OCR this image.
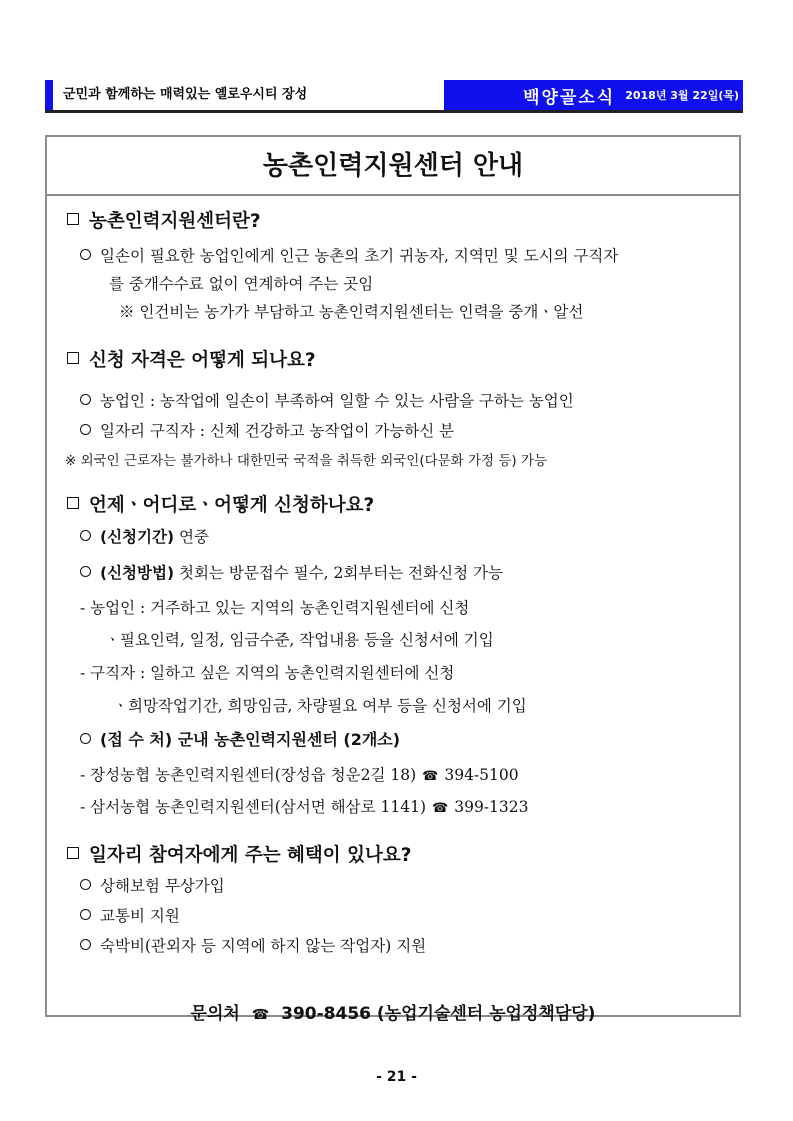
군민과 함께하는 매력있는 옐로우시티 장성	백양골소식 2018년 3월 22일(목)
농촌인력지원센터 안내
농촌인력지원센터란?
일손이 필요한 농업인에게 인근 농촌의 초기 귀농자, 지역민 및 도시의 구직자
를 중개수수료 없이 연계하여 주는 곳임
※ 인건비는 농가가 부담하고 농촌인력지원센터는 인력을 중개ㆍ알선
신청 자격은 어떻게 되나요?
농업인 : 농작업에 일손이 부족하여 일할 수 있는 사람을 구하는 농업인
일자리 구직자 : 신체 건강하고 농작업이 가능하신 분
※ 외국인 근로자는 불가하나 대한민국 국적을 취득한 외국인(다문화 가정 등) 가능
언제ㆍ어디로ㆍ어떻게 신청하나요?
(신청기간) 연중
(신청방법) 첫회는 방문접수 필수, 2회부터는 전화신청 가능
- 농업인 : 거주하고 있는 지역의 농촌인력지원센터에 신청
ㆍ필요인력, 일정, 임금수준, 작업내용 등을 신청서에 기입
- 구직자 : 일하고 싶은 지역의 농촌인력지원센터에 신청
ㆍ희망작업기간, 희망임금, 차량필요 여부 등을 신청서에 기입
(접 수 처) 군내 농촌인력지원센터 (2개소)
- 장성농협 농촌인력지원센터(장성읍 청운2길 18) ☎ 394-5100
- 삼서농협 농촌인력지원센터(삼서면 해삼로 1141) ☎ 399-1323
일자리 참여자에게 주는 혜택이 있나요?
상해보험 무상가입
교통비 지원
숙박비(관외자 등 지역에 하지 않는 작업자) 지원
문의처 ☎ 390-8456 (농업기술센터 농업정책담당)
- 21 -
